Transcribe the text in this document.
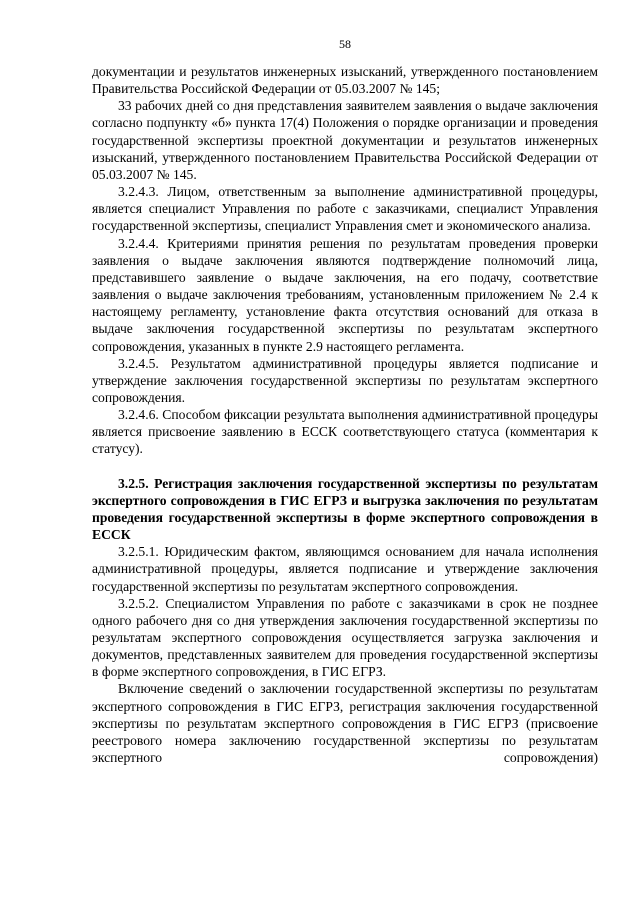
58

документации и результатов инженерных изысканий, утвержденного постановлением Правительства Российской Федерации от 05.03.2007 № 145;

33 рабочих дней со дня представления заявителем заявления о выдаче заключения согласно подпункту «б» пункта 17(4) Положения о порядке организации и проведения государственной экспертизы проектной документации и результатов инженерных изысканий, утвержденного постановлением Правительства Российской Федерации от 05.03.2007 № 145.

3.2.4.3. Лицом, ответственным за выполнение административной процедуры, является специалист Управления по работе с заказчиками, специалист Управления государственной экспертизы, специалист Управления смет и экономического анализа.

3.2.4.4. Критериями принятия решения по результатам проведения проверки заявления о выдаче заключения являются подтверждение полномочий лица, представившего заявление о выдаче заключения, на его подачу, соответствие заявления о выдаче заключения требованиям, установленным приложением № 2.4 к настоящему регламенту, установление факта отсутствия оснований для отказа в выдаче заключения государственной экспертизы по результатам экспертного сопровождения, указанных в пункте 2.9 настоящего регламента.

3.2.4.5. Результатом административной процедуры является подписание и утверждение заключения государственной экспертизы по результатам экспертного сопровождения.

3.2.4.6. Способом фиксации результата выполнения административной процедуры является присвоение заявлению в ЕССК соответствующего статуса (комментария к статусу).

3.2.5. Регистрация заключения государственной экспертизы по результатам экспертного сопровождения в ГИС ЕГРЗ и выгрузка заключения по результатам проведения государственной экспертизы в форме экспертного сопровождения в ЕССК

3.2.5.1. Юридическим фактом, являющимся основанием для начала исполнения административной процедуры, является подписание и утверждение заключения государственной экспертизы по результатам экспертного сопровождения.

3.2.5.2. Специалистом Управления по работе с заказчиками в срок не позднее одного рабочего дня со дня утверждения заключения государственной экспертизы по результатам экспертного сопровождения осуществляется загрузка заключения и документов, представленных заявителем для проведения государственной экспертизы в форме экспертного сопровождения, в ГИС ЕГРЗ.

Включение сведений о заключении государственной экспертизы по результатам экспертного сопровождения в ГИС ЕГРЗ, регистрация заключения государственной экспертизы по результатам экспертного сопровождения в ГИС ЕГРЗ (присвоение реестрового номера заключению государственной экспертизы по результатам экспертного сопровождения)
